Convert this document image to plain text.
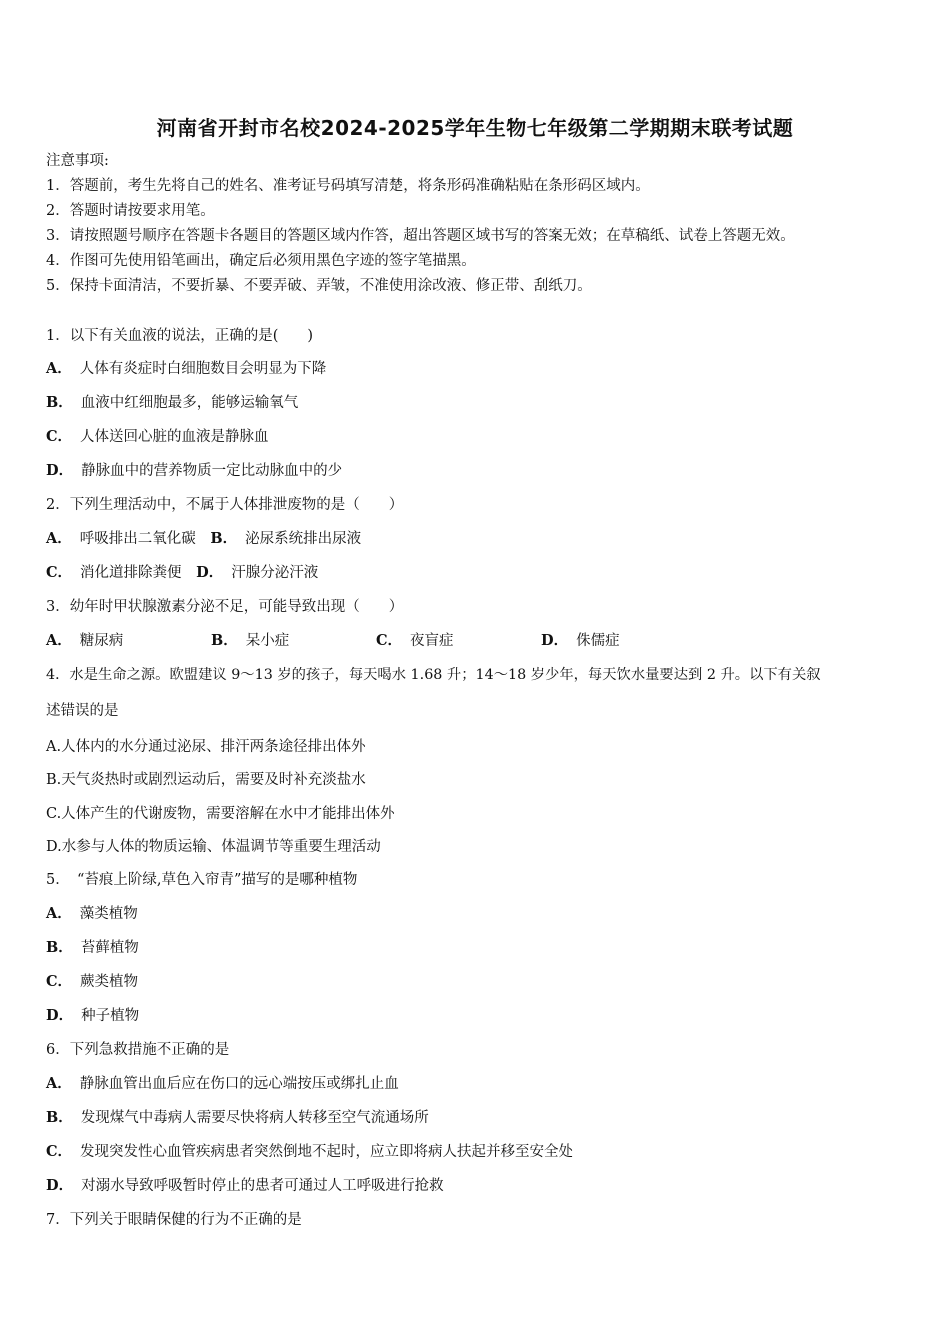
河南省开封市名校2024-2025学年生物七年级第二学期期末联考试题
注意事项:
1．答题前，考生先将自己的姓名、准考证号码填写清楚，将条形码准确粘贴在条形码区域内。
2．答题时请按要求用笔。
3．请按照题号顺序在答题卡各题目的答题区域内作答，超出答题区域书写的答案无效；在草稿纸、试卷上答题无效。
4．作图可先使用铅笔画出，确定后必须用黑色字迹的签字笔描黑。
5．保持卡面清洁，不要折暴、不要弄破、弄皱，不准使用涂改液、修正带、刮纸刀。
1．以下有关血液的说法，正确的是(　　)
A． 人体有炎症时白细胞数目会明显为下降
B． 血液中红细胞最多，能够运输氧气
C． 人体送回心脏的血液是静脉血
D． 静脉血中的营养物质一定比动脉血中的少
2．下列生理活动中，不属于人体排泄废物的是（　　）
A． 呼吸排出二氧化碳 B． 泌尿系统排出尿液
C． 消化道排除粪便 D． 汗腺分泌汗液
3．幼年时甲状腺激素分泌不足，可能导致出现（　　）
A． 糖尿病	B． 呆小症	C． 夜盲症	D． 侏儒症
4．水是生命之源。欧盟建议 9～13 岁的孩子，每天喝水 1.68 升；14～18 岁少年，每天饮水量要达到 2 升。以下有关叙
述错误的是
A.人体内的水分通过泌尿、排汗两条途径排出体外
B.天气炎热时或剧烈运动后，需要及时补充淡盐水
C.人体产生的代谢废物，需要溶解在水中才能排出体外
D.水参与人体的物质运输、体温调节等重要生理活动
5．　“苔痕上阶绿,草色入帘青”描写的是哪种植物
A． 藻类植物
B． 苔藓植物
C． 蕨类植物
D． 种子植物
6．下列急救措施不正确的是
A． 静脉血管出血后应在伤口的远心端按压或绑扎止血
B． 发现煤气中毒病人需要尽快将病人转移至空气流通场所
C． 发现突发性心血管疾病患者突然倒地不起时，应立即将病人扶起并移至安全处
D． 对溺水导致呼吸暂时停止的患者可通过人工呼吸进行抢救
7．下列关于眼睛保健的行为不正确的是
